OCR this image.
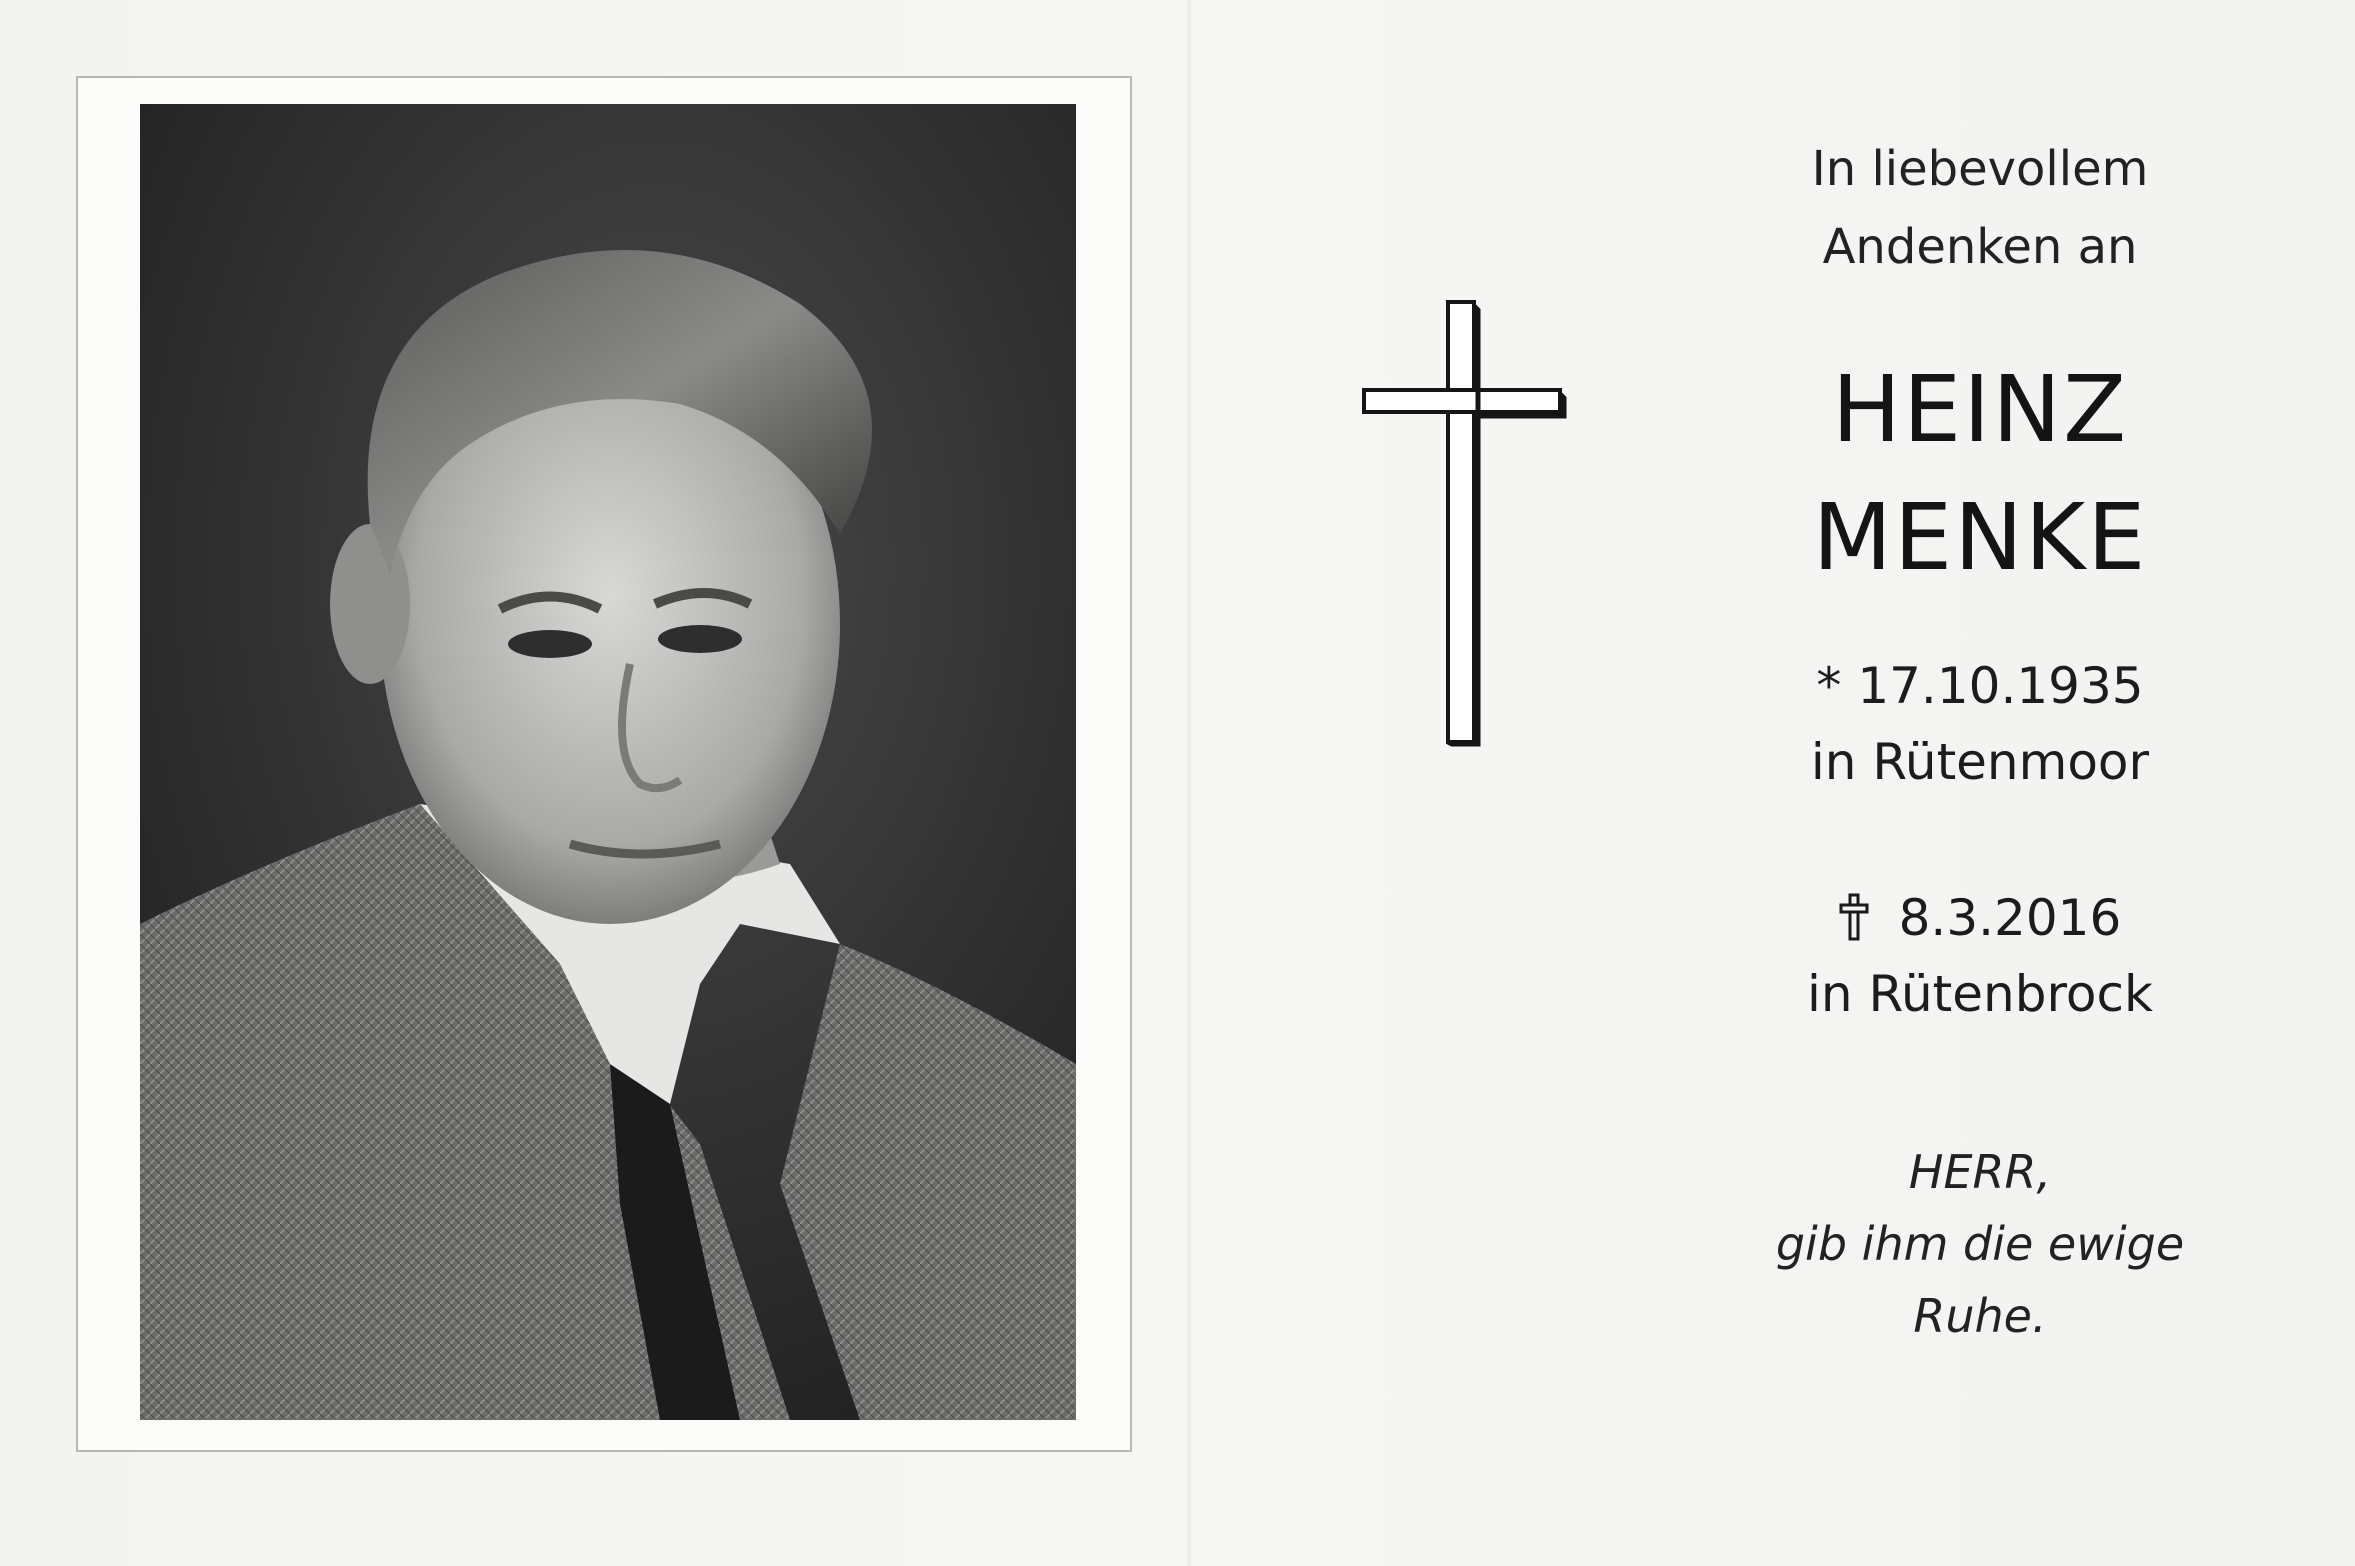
In liebevollem
Andenken an
HEINZ
MENKE
* 17.10.1935
in Rütenmoor
8.3.2016
in Rütenbrock
HERR,
gib ihm die ewige
Ruhe.
